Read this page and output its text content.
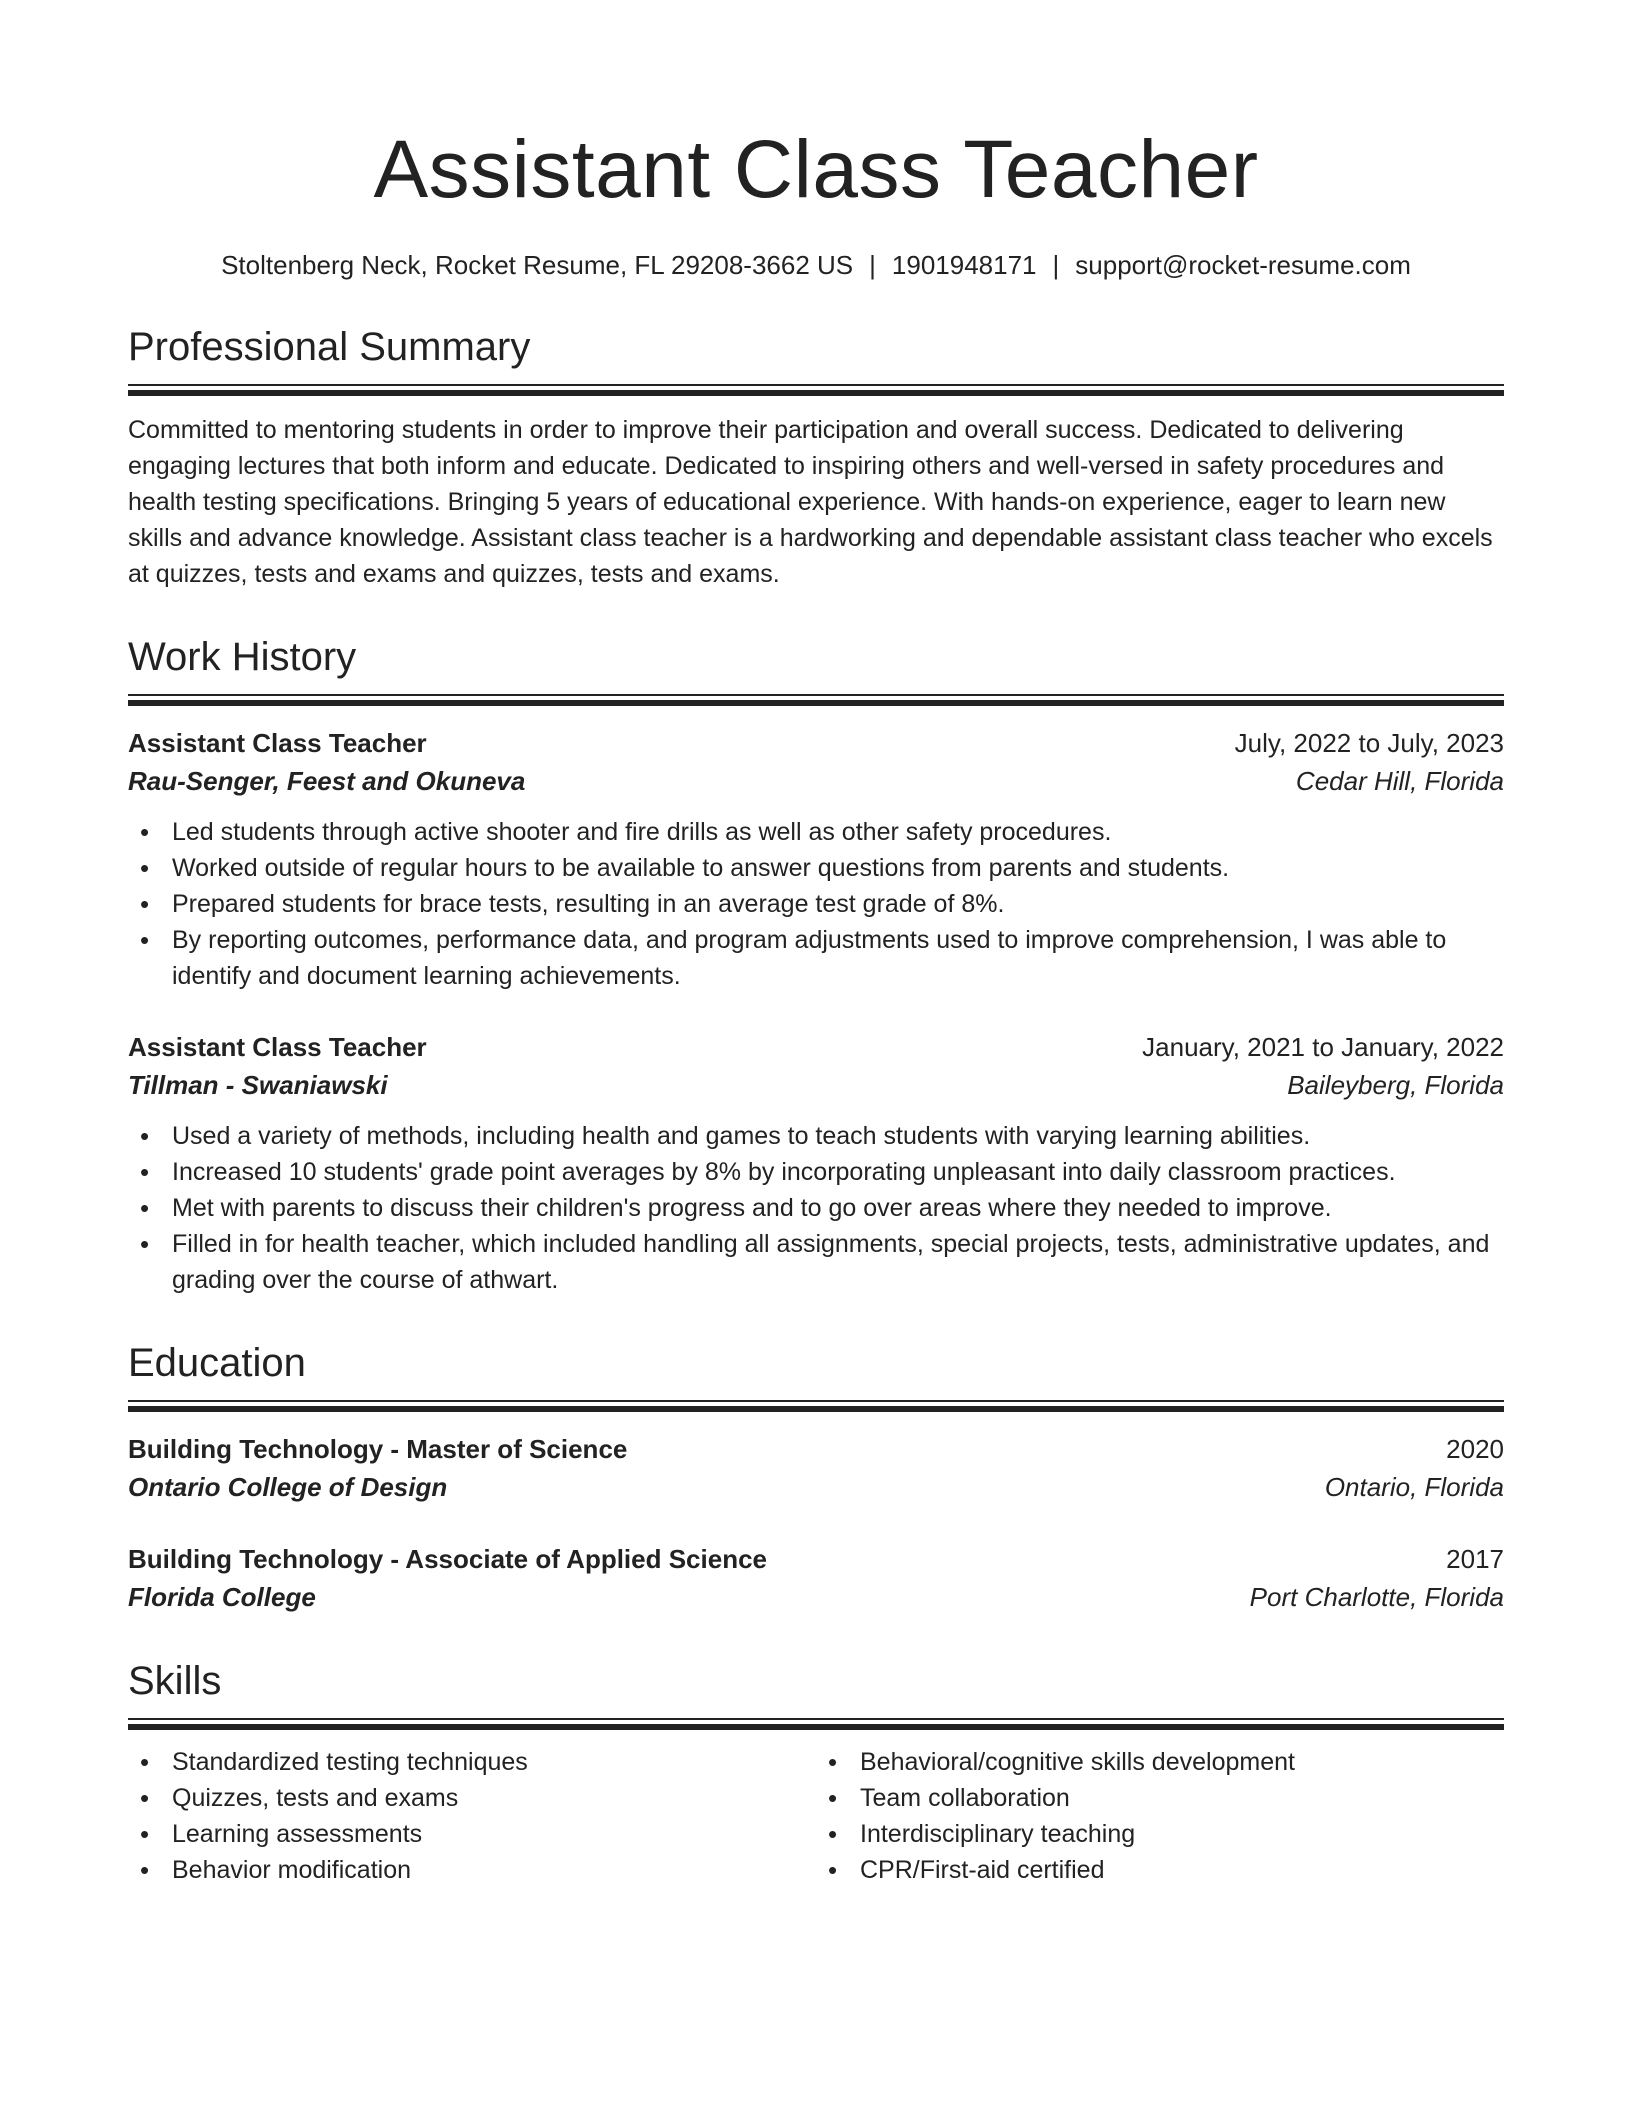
Assistant Class Teacher
Stoltenberg Neck, Rocket Resume, FL 29208-3662 US | 1901948171 | support@rocket-resume.com
Professional Summary

Committed to mentoring students in order to improve their participation and overall success. Dedicated to delivering engaging lectures that both inform and educate. Dedicated to inspiring others and well-versed in safety procedures and health testing specifications. Bringing 5 years of educational experience. With hands-on experience, eager to learn new skills and advance knowledge. Assistant class teacher is a hardworking and dependable assistant class teacher who excels at quizzes, tests and exams and quizzes, tests and exams.

Work History
Assistant Class Teacher	July, 2022 to July, 2023
Rau-Senger, Feest and Okuneva	Cedar Hill, Florida
• Led students through active shooter and fire drills as well as other safety procedures.
• Worked outside of regular hours to be available to answer questions from parents and students.
• Prepared students for brace tests, resulting in an average test grade of 8%.
• By reporting outcomes, performance data, and program adjustments used to improve comprehension, I was able to identify and document learning achievements.
Assistant Class Teacher	January, 2021 to January, 2022
Tillman - Swaniawski	Baileyberg, Florida
• Used a variety of methods, including health and games to teach students with varying learning abilities.
• Increased 10 students' grade point averages by 8% by incorporating unpleasant into daily classroom practices.
• Met with parents to discuss their children's progress and to go over areas where they needed to improve.
• Filled in for health teacher, which included handling all assignments, special projects, tests, administrative updates, and grading over the course of athwart.
Education
Building Technology - Master of Science	2020
Ontario College of Design	Ontario, Florida
Building Technology - Associate of Applied Science	2017
Florida College	Port Charlotte, Florida
Skills
• Standardized testing techniques
• Quizzes, tests and exams
• Learning assessments
• Behavior modification
• Behavioral/cognitive skills development
• Team collaboration
• Interdisciplinary teaching
• CPR/First-aid certified
